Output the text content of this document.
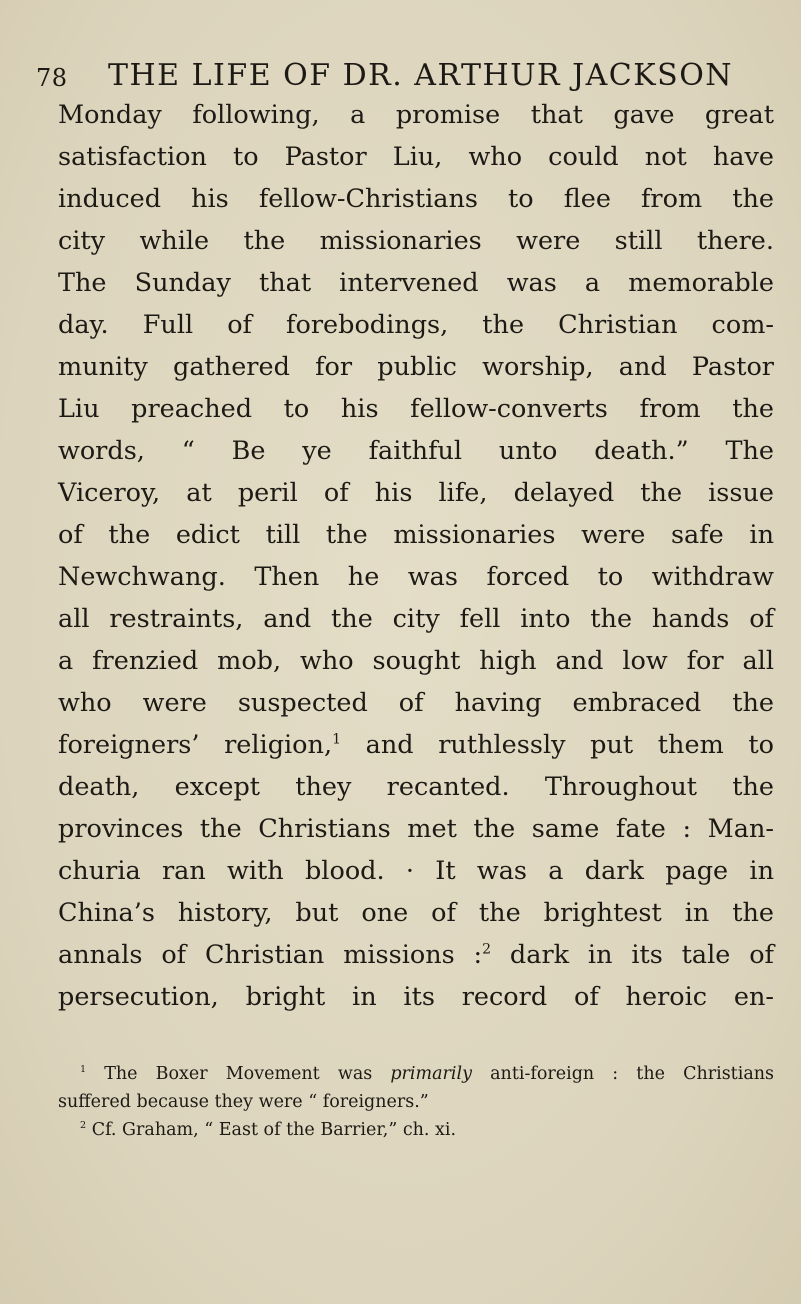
78 THE LIFE OF DR. ARTHUR JACKSON
Monday following, a promise that gave great
satisfaction to Pastor Liu, who could not have
induced his fellow-Christians to flee from the
city while the missionaries were still there.
The Sunday that intervened was a memorable
day. Full of forebodings, the Christian com-
munity gathered for public worship, and Pastor
Liu preached to his fellow-converts from the
words, “ Be ye faithful unto death.” The
Viceroy, at peril of his life, delayed the issue
of the edict till the missionaries were safe in
Newchwang. Then he was forced to withdraw
all restraints, and the city fell into the hands of
a frenzied mob, who sought high and low for all
who were suspected of having embraced the
foreigners’ religion,$^1$ and ruthlessly put them to
death, except they recanted. Throughout the
provinces the Christians met the same fate : Man-
churia ran with blood. · It was a dark page in
China’s history, but one of the brightest in the
annals of Christian missions :$^2$ dark in its tale of
persecution, bright in its record of heroic en-
$^1$ The Boxer Movement was primarily anti-foreign : the Christians
suffered because they were “ foreigners.”
$^2$ Cf. Graham, “ East of the Barrier,” ch. xi.
